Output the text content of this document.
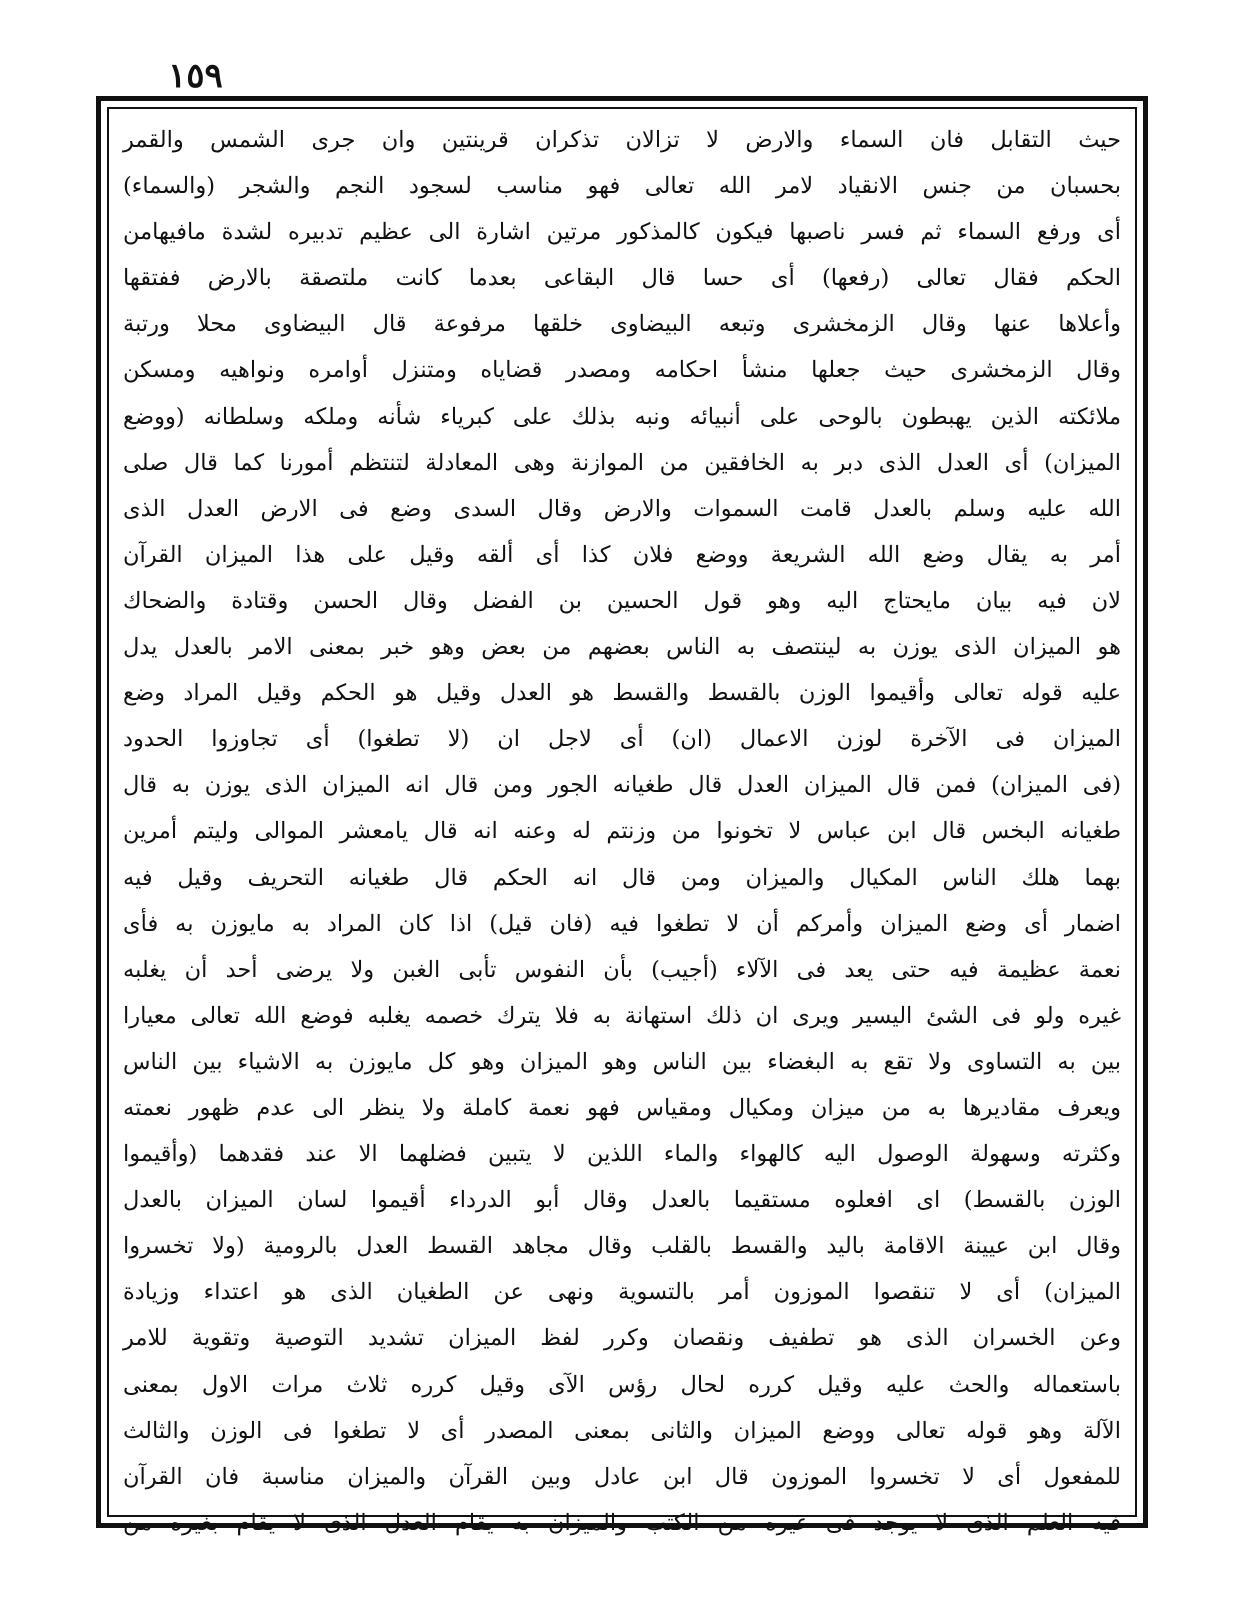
١٥٩
حيث التقابل فان السماء والارض لا تزالان تذكران قرينتين وان جرى الشمس والقمر
بحسبان من جنس الانقياد لامر الله تعالى فهو مناسب لسجود النجم والشجر (والسماء)
أى ورفع السماء ثم فسر ناصبها فيكون كالمذكور مرتين اشارة الى عظيم تدبيره لشدة مافيهامن
الحكم فقال تعالى (رفعها) أى حسا قال البقاعى بعدما كانت ملتصقة بالارض ففتقها
وأعلاها عنها وقال الزمخشرى وتبعه البيضاوى خلقها مرفوعة قال البيضاوى محلا ورتبة
وقال الزمخشرى حيث جعلها منشأ احكامه ومصدر قضاياه ومتنزل أوامره ونواهيه ومسكن
ملائكته الذين يهبطون بالوحى على أنبيائه ونبه بذلك على كبرياء شأنه وملكه وسلطانه (ووضع
الميزان) أى العدل الذى دبر به الخافقين من الموازنة وهى المعادلة لتنتظم أمورنا كما قال صلى
الله عليه وسلم بالعدل قامت السموات والارض وقال السدى وضع فى الارض العدل الذى
أمر به يقال وضع الله الشريعة ووضع فلان كذا أى ألقه وقيل على هذا الميزان القرآن
لان فيه بيان مايحتاج اليه وهو قول الحسين بن الفضل وقال الحسن وقتادة والضحاك
هو الميزان الذى يوزن به لينتصف به الناس بعضهم من بعض وهو خبر بمعنى الامر بالعدل يدل
عليه قوله تعالى وأقيموا الوزن بالقسط والقسط هو العدل وقيل هو الحكم وقيل المراد وضع
الميزان فى الآخرة لوزن الاعمال (ان) أى لاجل ان (لا تطغوا) أى تجاوزوا الحدود
(فى الميزان) فمن قال الميزان العدل قال طغيانه الجور ومن قال انه الميزان الذى يوزن به قال
طغيانه البخس قال ابن عباس لا تخونوا من وزنتم له وعنه انه قال يامعشر الموالى وليتم أمرين
بهما هلك الناس المكيال والميزان ومن قال انه الحكم قال طغيانه التحريف وقيل فيه
اضمار أى وضع الميزان وأمركم أن لا تطغوا فيه (فان قيل) اذا كان المراد به مايوزن به فأى
نعمة عظيمة فيه حتى يعد فى الآلاء (أجيب) بأن النفوس تأبى الغبن ولا يرضى أحد أن يغلبه
غيره ولو فى الشئ اليسير ويرى ان ذلك استهانة به فلا يترك خصمه يغلبه فوضع الله تعالى معيارا
بين به التساوى ولا تقع به البغضاء بين الناس وهو الميزان وهو كل مايوزن به الاشياء بين الناس
ويعرف مقاديرها به من ميزان ومكيال ومقياس فهو نعمة كاملة ولا ينظر الى عدم ظهور نعمته
وكثرته وسهولة الوصول اليه كالهواء والماء اللذين لا يتبين فضلهما الا عند فقدهما (وأقيموا
الوزن بالقسط) اى افعلوه مستقيما بالعدل وقال أبو الدرداء أقيموا لسان الميزان بالعدل
وقال ابن عيينة الاقامة باليد والقسط بالقلب وقال مجاهد القسط العدل بالرومية (ولا تخسروا
الميزان) أى لا تنقصوا الموزون أمر بالتسوية ونهى عن الطغيان الذى هو اعتداء وزيادة
وعن الخسران الذى هو تطفيف ونقصان وكرر لفظ الميزان تشديد التوصية وتقوية للامر
باستعماله والحث عليه وقيل كرره لحال رؤس الآى وقيل كرره ثلاث مرات الاول بمعنى
الآلة وهو قوله تعالى ووضع الميزان والثانى بمعنى المصدر أى لا تطغوا فى الوزن والثالث
للمفعول أى لا تخسروا الموزون قال ابن عادل وبين القرآن والميزان مناسبة فان القرآن
فيه العلم الذى لا يوجد فى غيره من الكتب والميزان به يقام العدل الذى لا يقام بغيره من
